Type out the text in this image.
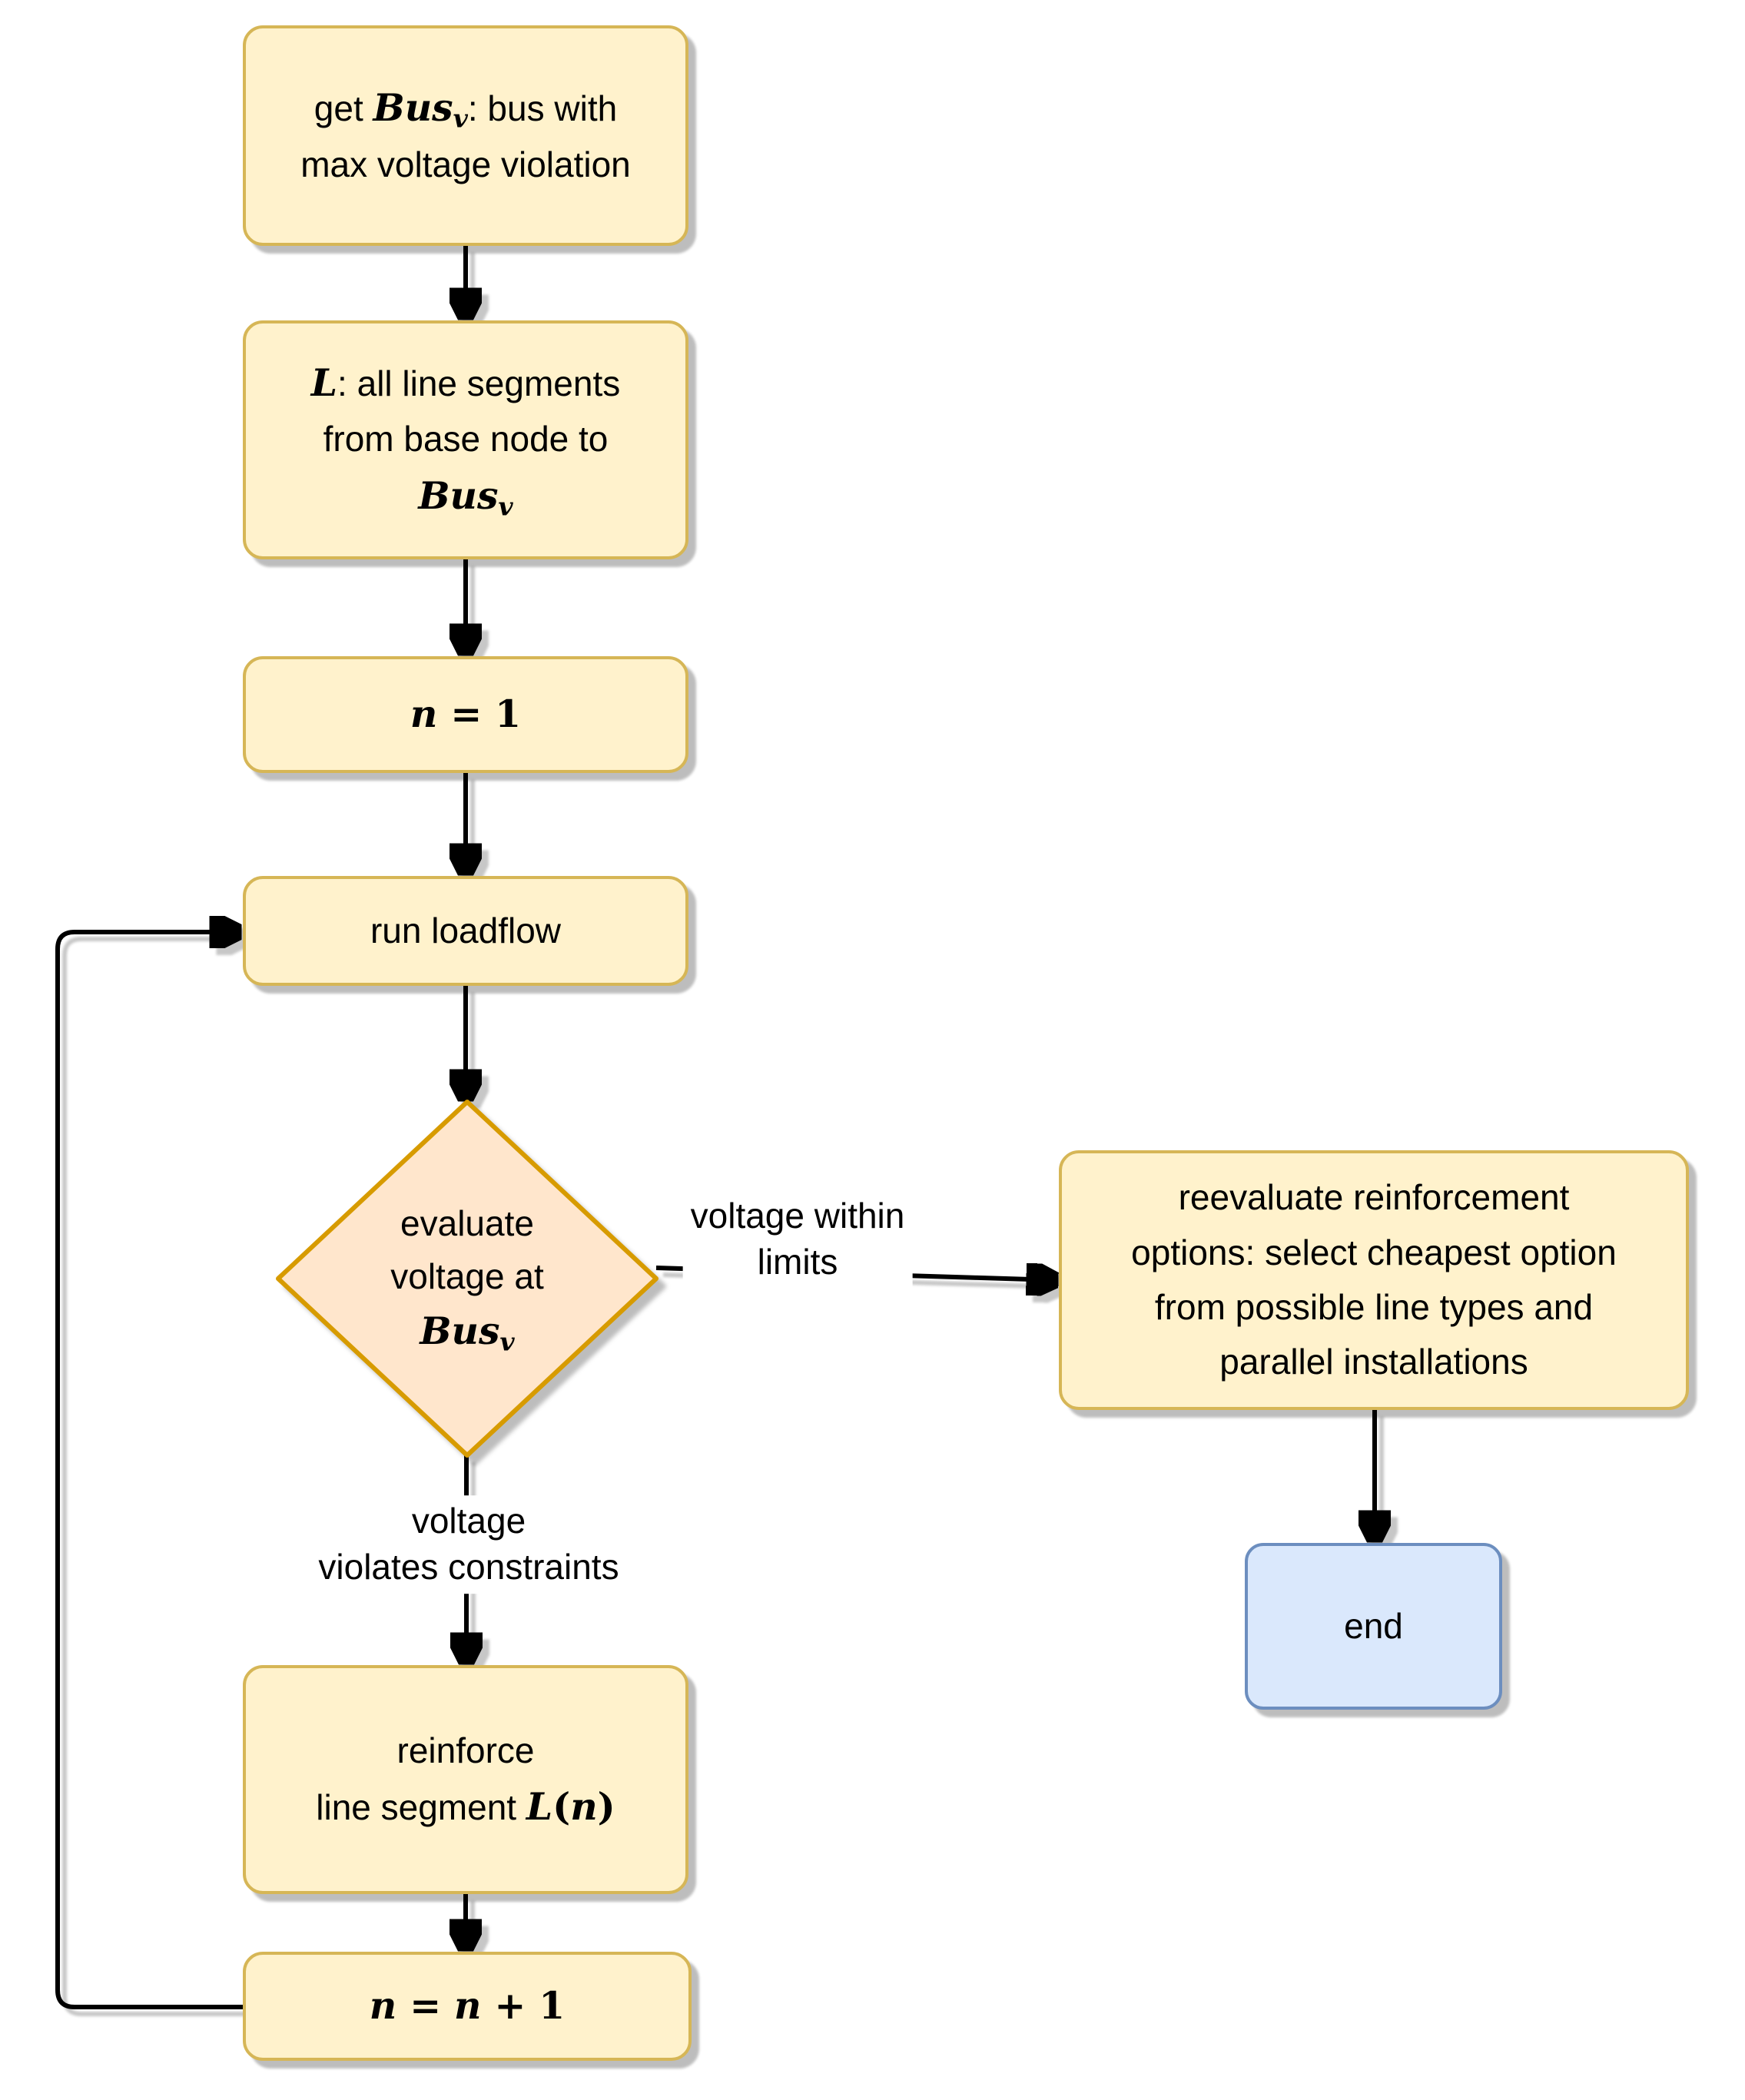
get Busv: bus with
max voltage violation
L: all line segments
from base node to
Busv
n = 1
run loadflow
evaluate
voltage at
Busv
reinforce
line segment L(n)
n = n + 1
reevaluate reinforcement
options: select cheapest option
from possible line types and
parallel installations
end
voltage within
limits
voltage
violates constraints
